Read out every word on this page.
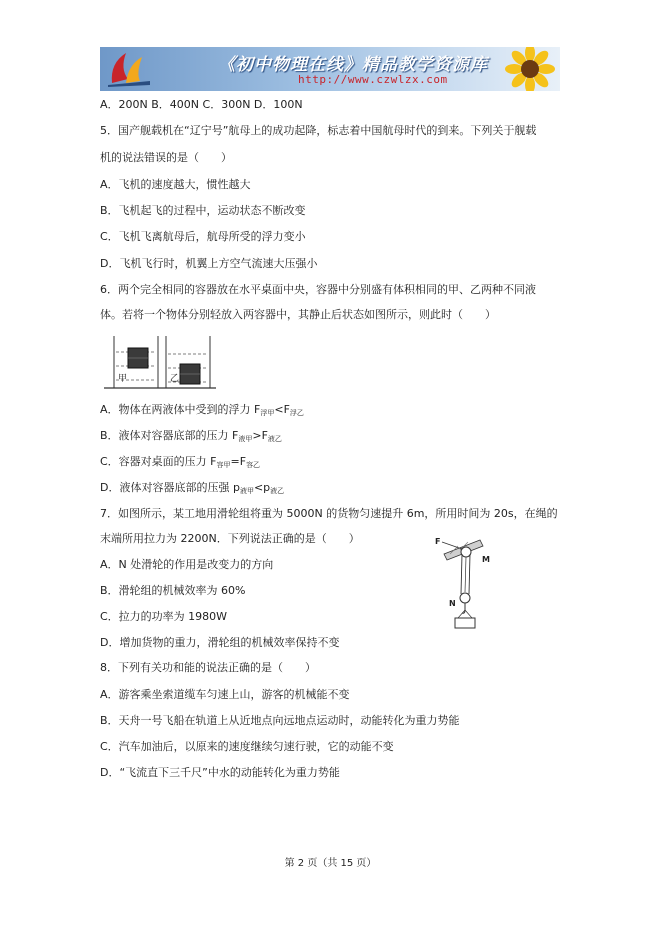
《初中物理在线》精品教学资源库
http://www.czwlzx.com
A．200N B．400N C．300N D．100N
5．国产舰载机在“辽宁号”航母上的成功起降，标志着中国航母时代的到来。下列关于舰载
机的说法错误的是（　　）
A．飞机的速度越大，惯性越大
B．飞机起飞的过程中，运动状态不断改变
C．飞机飞离航母后，航母所受的浮力变小
D．飞机飞行时，机翼上方空气流速大压强小
6．两个完全相同的容器放在水平桌面中央，容器中分别盛有体积相同的甲、乙两种不同液
体。若将一个物体分别轻放入两容器中，其静止后状态如图所示，则此时（　　）
甲	乙
A．物体在两液体中受到的浮力 $F_{浮甲}<F_{浮乙}$
B．液体对容器底部的压力 $F_{液甲}>F_{液乙}$
C．容器对桌面的压力 $F_{容甲}=F_{容乙}$
D．液体对容器底部的压强 $p_{液甲}<p_{液乙}$
7．如图所示，某工地用滑轮组将重为 5000N 的货物匀速提升 6m，所用时间为 20s，在绳的
末端所用拉力为 2200N．下列说法正确的是（　　）
A．N 处滑轮的作用是改变力的方向
B．滑轮组的机械效率为 60%
C．拉力的功率为 1980W
D．增加货物的重力，滑轮组的机械效率保持不变
F
M
N
8．下列有关功和能的说法正确的是（　　）
A．游客乘坐索道缆车匀速上山，游客的机械能不变
B．天舟一号飞船在轨道上从近地点向远地点运动时，动能转化为重力势能
C．汽车加油后，以原来的速度继续匀速行驶，它的动能不变
D．“飞流直下三千尺”中水的动能转化为重力势能
第 2 页（共 15 页）
